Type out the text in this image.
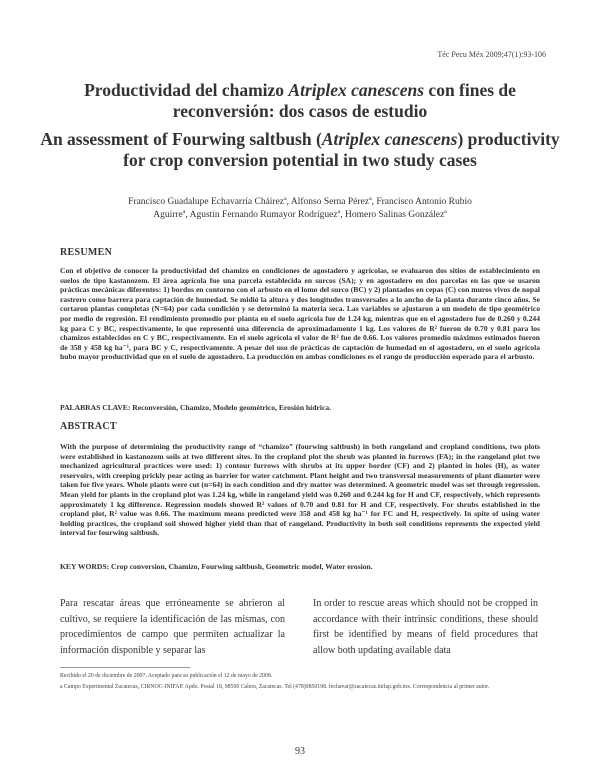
Téc Pecu Méx 2009;47(1):93-106
Productividad del chamizo Atriplex canescens con fines de reconversión: dos casos de estudio
An assessment of Fourwing saltbush (Atriplex canescens) productivity for crop conversion potential in two study cases
Francisco Guadalupe Echavarría Cháirezª, Alfonso Serna Pérezª, Francisco Antonio Rubio Aguirreª, Agustín Fernando Rumayor Rodríguezª, Homero Salinas Gonzálezª
RESUMEN
Con el objetivo de conocer la productividad del chamizo en condiciones de agostadero y agrícolas, se evaluaron dos sitios de establecimiento en suelos de tipo kastanozem. El área agrícola fue una parcela establecida en surcos (SA); y en agostadero en dos parcelas en las que se usaron prácticas mecánicas diferentes: 1) bordos en contorno con el arbusto en el lomo del surco (BC) y 2) plantados en cepas (C) con muros vivos de nopal rastrero como barrera para captación de humedad. Se midió la altura y dos longitudes transversales a lo ancho de la planta durante cinco años. Se cortaron plantas completas (N=64) por cada condición y se determinó la materia seca. Las variables se ajustaron a un modelo de tipo geométrico por medio de regresión. El rendimiento promedio por planta en el suelo agrícola fue de 1.24 kg, mientras que en el agostadero fue de 0.260 y 0.244 kg para C y BC, respectivamente, lo que representó una diferencia de aproximadamente 1 kg. Los valores de R² fueron de 0.70 y 0.81 para los chamizos establecidos en C y BC, respectivamente. En el suelo agrícola el valor de R² fue de 0.66. Los valores promedio máximos estimados fueron de 358 y 458 kg ha⁻¹, para BC y C, respectivamente. A pesar del uso de prácticas de captación de humedad en el agostadero, en el suelo agrícola hubo mayor productividad que en el suelo de agostadero. La producción en ambas condiciones es el rango de producción esperado para el arbusto.
PALABRAS CLAVE: Reconversión, Chamizo, Modelo geométrico, Erosión hídrica.
ABSTRACT
With the purpose of determining the productivity range of “chamizo” (fourwing saltbush) in both rangeland and cropland conditions, two plots were established in kastanozem soils at two different sites. In the cropland plot the shrub was planted in furrows (FA); in the rangeland plot two mechanized agricultural practices were used: 1) contour furrows with shrubs at its upper border (CF) and 2) planted in holes (H), as water reservoirs, with creeping prickly pear acting as barrier for water catchment. Plant height and two transversal measurements of plant diameter were taken for five years. Whole plants were cut (n=64) in each condition and dry matter was determined. A geometric model was set through regression. Mean yield for plants in the cropland plot was 1.24 kg, while in rangeland yield was 0.260 and 0.244 kg for H and CF, respectively, which represents approximately 1 kg difference. Regression models showed R² values of 0.70 and 0.81 for H and CF, respectively. For shrubs established in the cropland plot, R² value was 0.66. The maximum means predicted were 358 and 458 kg ha⁻¹ for FC and H, respectively. In spite of using water holding practices, the cropland soil showed higher yield than that of rangeland. Productivity in both soil conditions represents the expected yield interval for fourwing saltbush.
KEY WORDS: Crop conversion, Chamizo, Fourwing saltbush, Geometric model, Water erosion.
Para rescatar áreas que erróneamente se abrieron al cultivo, se requiere la identificación de las mismas, con procedimientos de campo que permiten actualizar la información disponible y separar las
In order to rescue areas which should not be cropped in accordance with their intrinsic conditions, these should first be identified by means of field procedures that allow both updating available data
Recibido el 20 de diciembre de 2007. Aceptado para su publicación el 12 de mayo de 2008.
a Campo Experimental Zacatecas, CIRNOC-INIFAP. Apdo. Postal 18, 98500 Calera, Zacatecas. Tel (478)9850198. fechavar@zacatecas.inifap.gob.mx. Correspondencia al primer autor.
93
